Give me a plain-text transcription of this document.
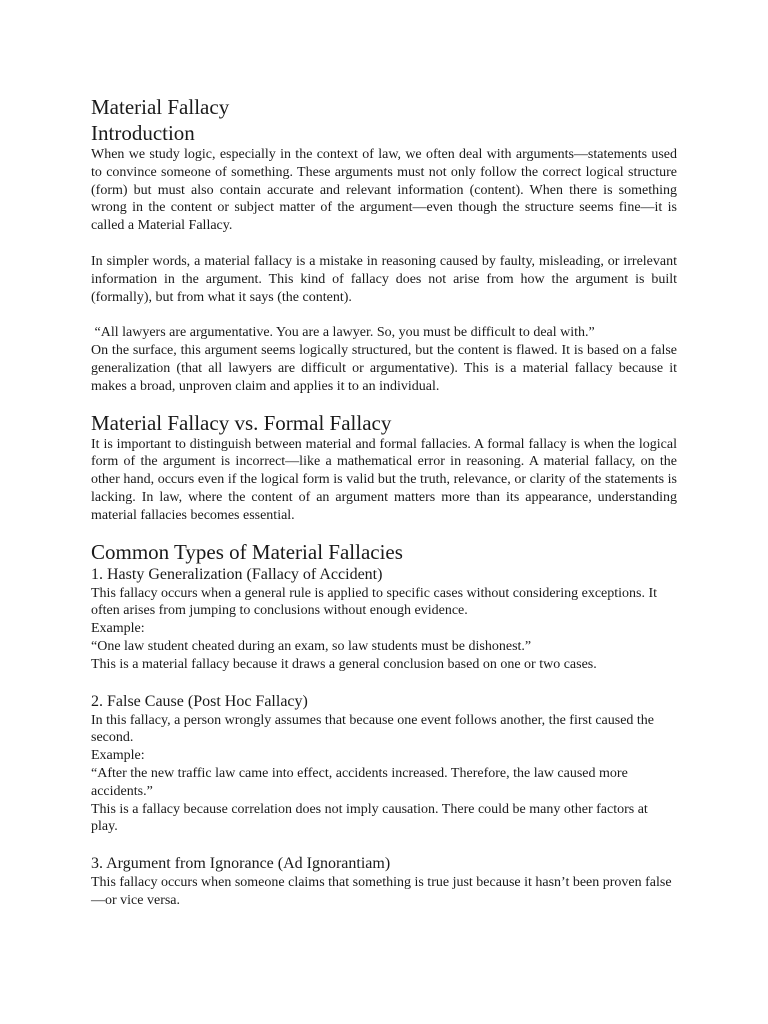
Material Fallacy
Introduction

When we study logic, especially in the context of law, we often deal with arguments—statements used to convince someone of something. These arguments must not only follow the correct logical structure (form) but must also contain accurate and relevant information (content). When there is something wrong in the content or subject matter of the argument—even though the structure seems fine—it is called a Material Fallacy.

In simpler words, a material fallacy is a mistake in reasoning caused by faulty, misleading, or irrelevant information in the argument. This kind of fallacy does not arise from how the argument is built (formally), but from what it says (the content).

“All lawyers are argumentative. You are a lawyer. So, you must be difficult to deal with.”

On the surface, this argument seems logically structured, but the content is flawed. It is based on a false generalization (that all lawyers are difficult or argumentative). This is a material fallacy because it makes a broad, unproven claim and applies it to an individual.

Material Fallacy vs. Formal Fallacy

It is important to distinguish between material and formal fallacies. A formal fallacy is when the logical form of the argument is incorrect—like a mathematical error in reasoning. A material fallacy, on the other hand, occurs even if the logical form is valid but the truth, relevance, or clarity of the statements is lacking. In law, where the content of an argument matters more than its appearance, understanding material fallacies becomes essential.

Common Types of Material Fallacies
1. Hasty Generalization (Fallacy of Accident)

This fallacy occurs when a general rule is applied to specific cases without considering exceptions. It often arises from jumping to conclusions without enough evidence.

Example:

“One law student cheated during an exam, so law students must be dishonest.”

This is a material fallacy because it draws a general conclusion based on one or two cases.

2. False Cause (Post Hoc Fallacy)

In this fallacy, a person wrongly assumes that because one event follows another, the first caused the second.

Example:

“After the new traffic law came into effect, accidents increased. Therefore, the law caused more accidents.”

This is a fallacy because correlation does not imply causation. There could be many other factors at play.

3. Argument from Ignorance (Ad Ignorantiam)

This fallacy occurs when someone claims that something is true just because it hasn’t been proven false—or vice versa.
